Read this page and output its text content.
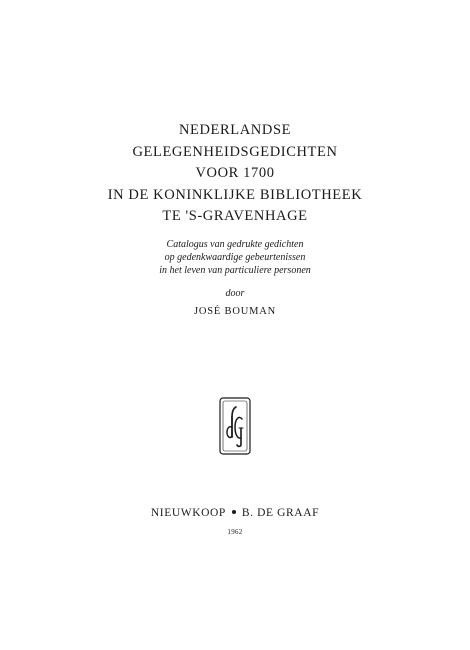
NEDERLANDSE
GELEGENHEIDSGEDICHTEN
VOOR 1700
IN DE KONINKLIJKE BIBLIOTHEEK
TE 'S-GRAVENHAGE
Catalogus van gedrukte gedichten
op gedenkwaardige gebeurtenissen
in het leven van particuliere personen
door
JOSÉ BOUMAN
NIEUWKOOP B. DE GRAAF
1962
